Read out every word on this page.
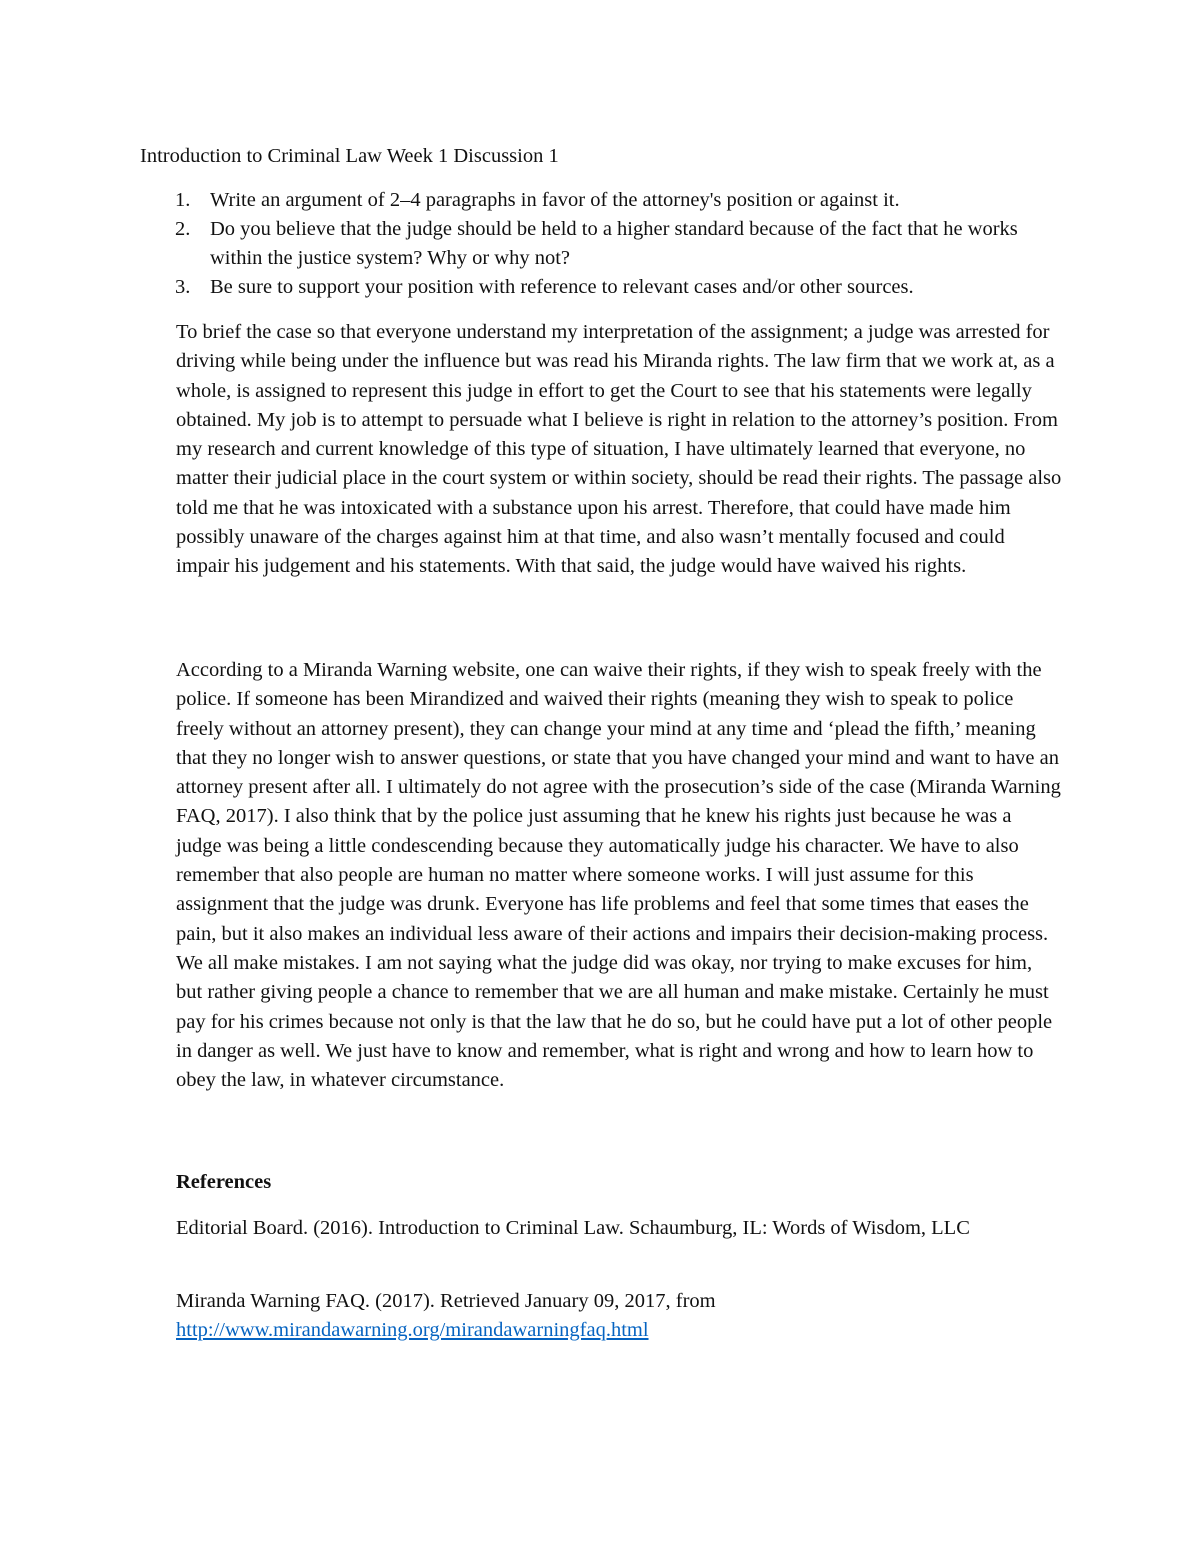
Introduction to Criminal Law Week 1 Discussion 1
1. Write an argument of 2–4 paragraphs in favor of the attorney's position or against it.
2. Do you believe that the judge should be held to a higher standard because of the fact that he works within the justice system? Why or why not?
3. Be sure to support your position with reference to relevant cases and/or other sources.

To brief the case so that everyone understand my interpretation of the assignment; a judge was arrested for driving while being under the influence but was read his Miranda rights. The law firm that we work at, as a whole, is assigned to represent this judge in effort to get the Court to see that his statements were legally obtained. My job is to attempt to persuade what I believe is right in relation to the attorney’s position. From my research and current knowledge of this type of situation, I have ultimately learned that everyone, no matter their judicial place in the court system or within society, should be read their rights. The passage also told me that he was intoxicated with a substance upon his arrest. Therefore, that could have made him possibly unaware of the charges against him at that time, and also wasn’t mentally focused and could impair his judgement and his statements. With that said, the judge would have waived his rights.

According to a Miranda Warning website, one can waive their rights, if they wish to speak freely with the police. If someone has been Mirandized and waived their rights (meaning they wish to speak to police freely without an attorney present), they can change your mind at any time and ‘plead the fifth,’ meaning that they no longer wish to answer questions, or state that you have changed your mind and want to have an attorney present after all. I ultimately do not agree with the prosecution’s side of the case (Miranda Warning FAQ, 2017). I also think that by the police just assuming that he knew his rights just because he was a judge was being a little condescending because they automatically judge his character. We have to also remember that also people are human no matter where someone works. I will just assume for this assignment that the judge was drunk. Everyone has life problems and feel that some times that eases the pain, but it also makes an individual less aware of their actions and impairs their decision-making process. We all make mistakes. I am not saying what the judge did was okay, nor trying to make excuses for him, but rather giving people a chance to remember that we are all human and make mistake. Certainly he must pay for his crimes because not only is that the law that he do so, but he could have put a lot of other people in danger as well. We just have to know and remember, what is right and wrong and how to learn how to obey the law, in whatever circumstance.

References

Editorial Board. (2016). Introduction to Criminal Law. Schaumburg, IL: Words of Wisdom, LLC

Miranda Warning FAQ. (2017). Retrieved January 09, 2017, from
http://www.mirandawarning.org/mirandawarningfaq.html
